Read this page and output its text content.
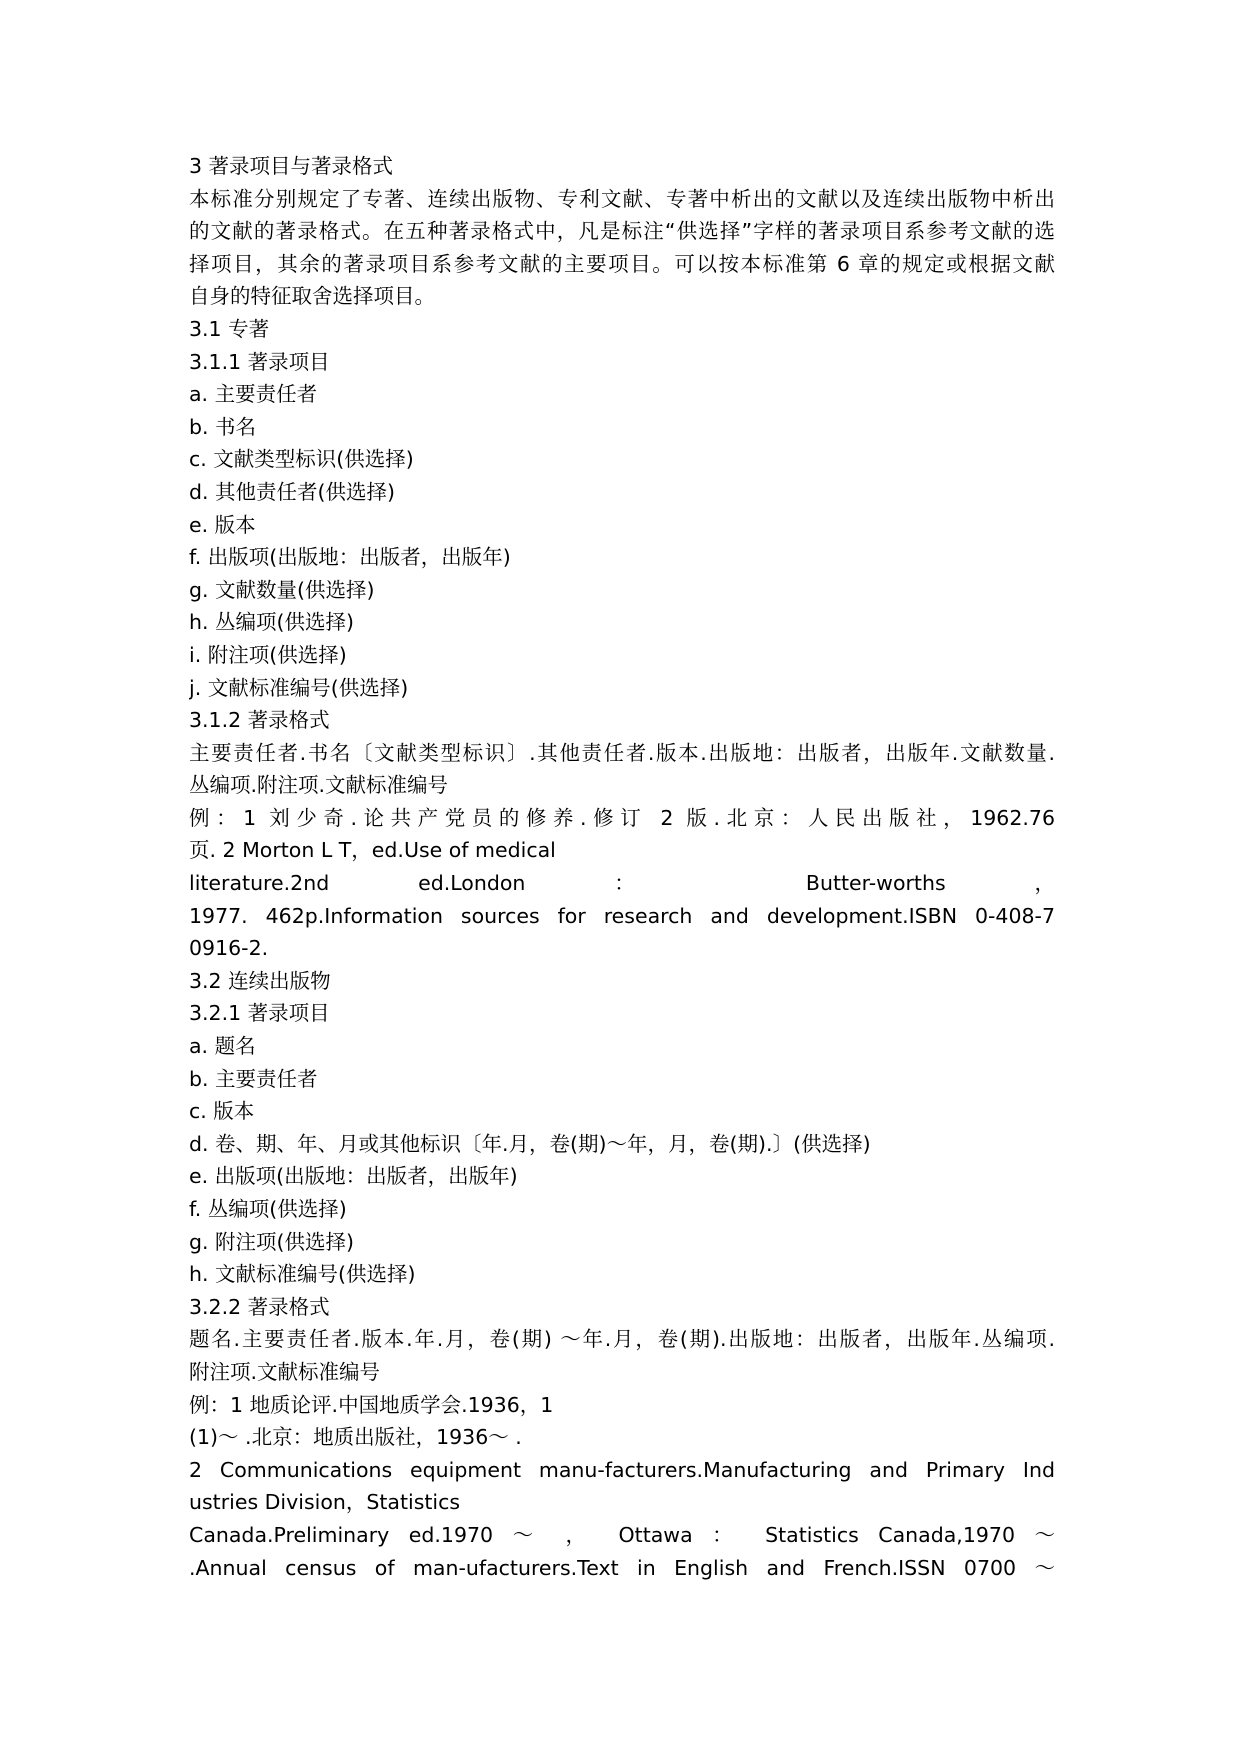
3 著录项目与著录格式
本标准分别规定了专著、连续出版物、专利文献、专著中析出的文献以及连续出版物中析出
的文献的著录格式。在五种著录格式中，凡是标注“供选择”字样的著录项目系参考文献的选
择项目，其余的著录项目系参考文献的主要项目。可以按本标准第 6 章的规定或根据文献
自身的特征取舍选择项目。
3.1 专著
3.1.1 著录项目
a. 主要责任者
b. 书名
c. 文献类型标识(供选择)
d. 其他责任者(供选择)
e. 版本
f. 出版项(出版地：出版者，出版年)
g. 文献数量(供选择)
h. 丛编项(供选择)
i. 附注项(供选择)
j. 文献标准编号(供选择)
3.1.2 著录格式
主要责任者.书名〔文献类型标识〕.其他责任者.版本.出版地：出版者，出版年.文献数量.
丛编项.附注项.文献标准编号
例：1 刘少奇.论共产党员的修养.修订 2 版.北京：人民出版社，1962.76
页. 2 Morton L T，ed.Use of medical
literature.2nd ed.London ： Butter-worths ，
1977. 462p.Information sources for research and development.ISBN 0-408-7
0916-2.
3.2 连续出版物
3.2.1 著录项目
a. 题名
b. 主要责任者
c. 版本
d. 卷、期、年、月或其他标识〔年.月，卷(期)～年，月，卷(期).〕(供选择)
e. 出版项(出版地：出版者，出版年)
f. 丛编项(供选择)
g. 附注项(供选择)
h. 文献标准编号(供选择)
3.2.2 著录格式
题名.主要责任者.版本.年.月，卷(期) ～年.月，卷(期).出版地：出版者，出版年.丛编项.
附注项.文献标准编号
例：1 地质论评.中国地质学会.1936，1
(1)～ .北京：地质出版社，1936～ .
2 Communications equipment manu-facturers.Manufacturing and Primary Ind
ustries Division，Statistics
Canada.Preliminary ed.1970 ～ ， Ottawa ： Statistics Canada,1970 ～
.Annual census of man-ufacturers.Text in English and French.ISSN 0700 ～
